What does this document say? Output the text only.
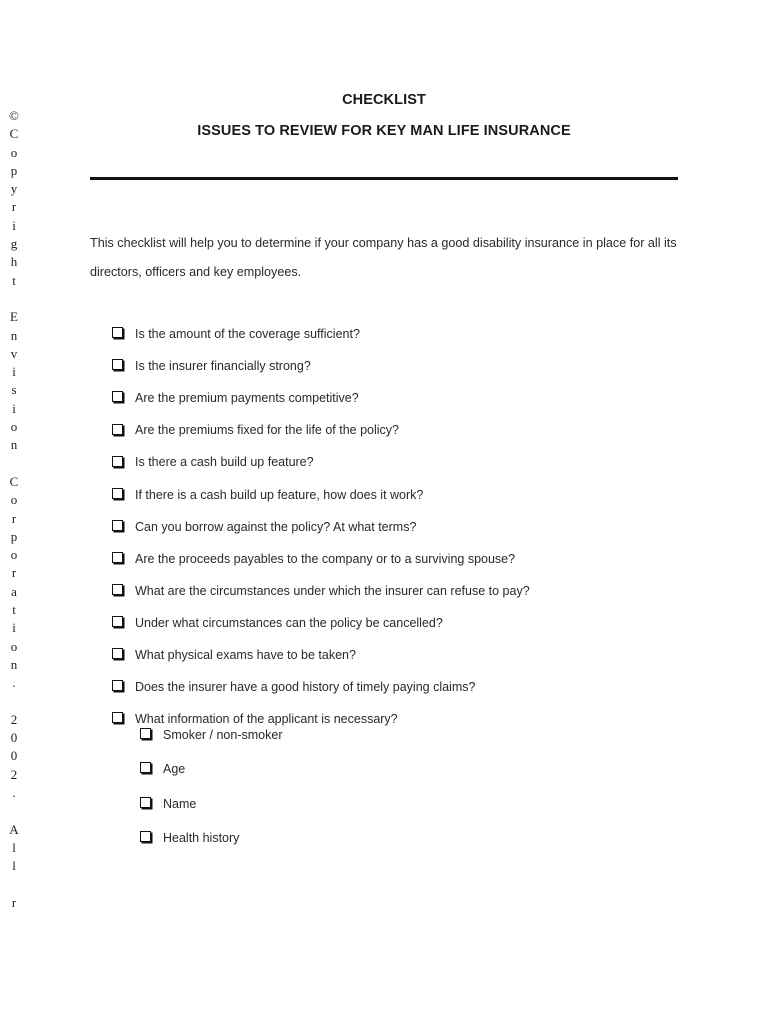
©
C
o
p
y
r
i
g
h
t
E
n
v
i
s
i
o
n
C
o
r
p
o
r
a
t
i
o
n
.
2
0
0
2
.
A
l
l
r
CHECKLIST
ISSUES TO REVIEW FOR KEY MAN LIFE INSURANCE

This checklist will help you to determine if your company has a good disability insurance in place for all its

directors, officers and key employees.

Is the amount of the coverage sufficient?
Is the insurer financially strong?
Are the premium payments competitive?
Are the premiums fixed for the life of the policy?
Is there a cash build up feature?
If there is a cash build up feature, how does it work?
Can you borrow against the policy? At what terms?
Are the proceeds payables to the company or to a surviving spouse?
What are the circumstances under which the insurer can refuse to pay?
Under what circumstances can the policy be cancelled?
What physical exams have to be taken?
Does the insurer have a good history of timely paying claims?
What information of the applicant is necessary?
Smoker / non-smoker
Age
Name
Health history
